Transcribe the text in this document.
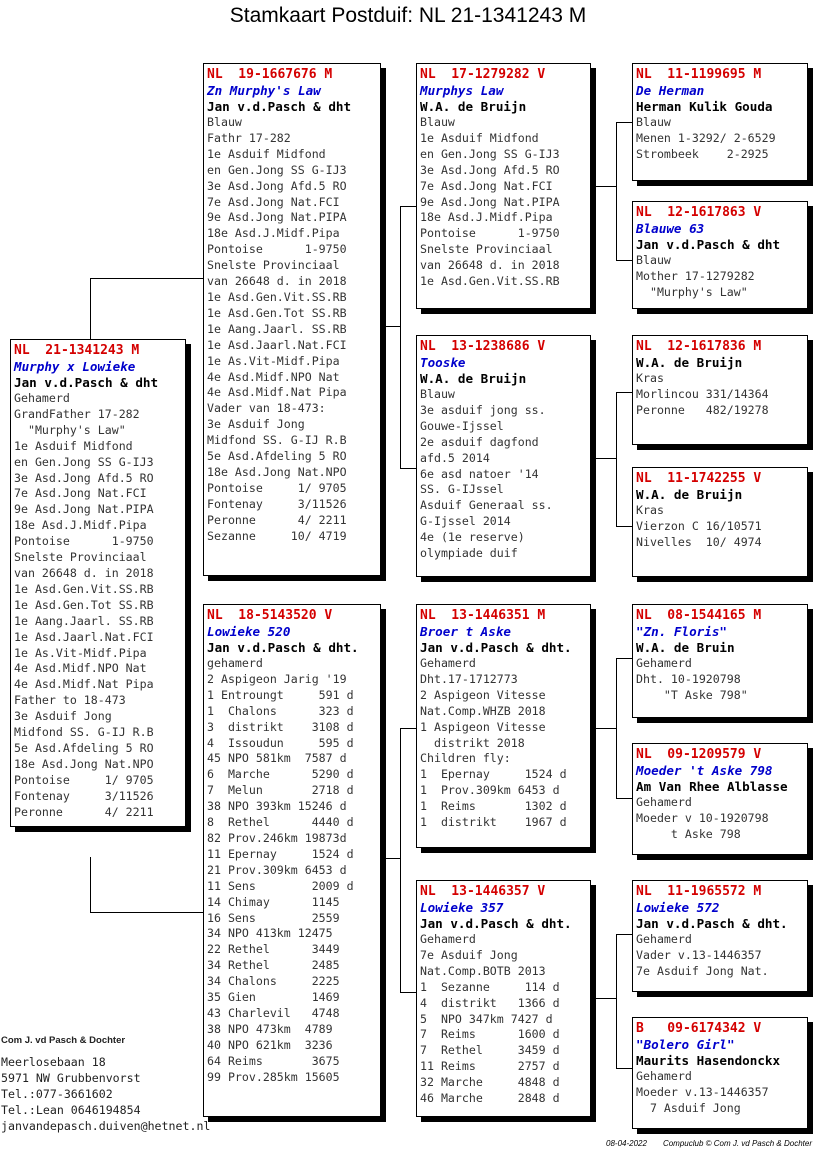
Stamkaart Postduif: NL 21-1341243 M
NL  21-1341243 M
Murphy x Lowieke
Jan v.d.Pasch & dht
Gehamerd
GrandFather 17-282
"Murphy's Law"
1e Asduif Midfond
en Gen.Jong SS G-IJ3
3e Asd.Jong Afd.5 RO
7e Asd.Jong Nat.FCI
9e Asd.Jong Nat.PIPA
18e Asd.J.Midf.Pipa
Pontoise      1-9750
Snelste Provinciaal
van 26648 d. in 2018
1e Asd.Gen.Vit.SS.RB
1e Asd.Gen.Tot SS.RB
1e Aang.Jaarl. SS.RB
1e Asd.Jaarl.Nat.FCI
1e As.Vit-Midf.Pipa
4e Asd.Midf.NPO Nat
4e Asd.Midf.Nat Pipa
Father to 18-473
3e Asduif Jong
Midfond SS. G-IJ R.B
5e Asd.Afdeling 5 RO
18e Asd.Jong Nat.NPO
Pontoise     1/ 9705
Fontenay     3/11526
Peronne      4/ 2211
NL  19-1667676 M
Zn Murphy's Law
Jan v.d.Pasch & dht
Blauw
Fathr 17-282
1e Asduif Midfond
en Gen.Jong SS G-IJ3
3e Asd.Jong Afd.5 RO
7e Asd.Jong Nat.FCI
9e Asd.Jong Nat.PIPA
18e Asd.J.Midf.Pipa
Pontoise      1-9750
Snelste Provinciaal
van 26648 d. in 2018
1e Asd.Gen.Vit.SS.RB
1e Asd.Gen.Tot SS.RB
1e Aang.Jaarl. SS.RB
1e Asd.Jaarl.Nat.FCI
1e As.Vit-Midf.Pipa
4e Asd.Midf.NPO Nat
4e Asd.Midf.Nat Pipa
Vader van 18-473:
3e Asduif Jong
Midfond SS. G-IJ R.B
5e Asd.Afdeling 5 RO
18e Asd.Jong Nat.NPO
Pontoise     1/ 9705
Fontenay     3/11526
Peronne      4/ 2211
Sezanne     10/ 4719
NL  18-5143520 V
Lowieke 520
Jan v.d.Pasch & dht.
gehamerd
2 Aspigeon Jarig '19
1 Entroungt     591 d
1  Chalons      323 d
3  distrikt    3108 d
4  Issoudun     595 d
45 NPO 581km  7587 d
6  Marche      5290 d
7  Melun       2718 d
38 NPO 393km 15246 d
8  Rethel      4440 d
82 Prov.246km 19873d
11 Epernay     1524 d
21 Prov.309km 6453 d
11 Sens        2009 d
14 Chimay      1145
16 Sens        2559
34 NPO 413km 12475
22 Rethel      3449
34 Rethel      2485
34 Chalons     2225
35 Gien        1469
43 Charlevil   4748
38 NPO 473km  4789
40 NPO 621km  3236
64 Reims       3675
99 Prov.285km 15605
NL  17-1279282 V
Murphys Law
W.A. de Bruijn
Blauw
1e Asduif Midfond
en Gen.Jong SS G-IJ3
3e Asd.Jong Afd.5 RO
7e Asd.Jong Nat.FCI
9e Asd.Jong Nat.PIPA
18e Asd.J.Midf.Pipa
Pontoise      1-9750
Snelste Provinciaal
van 26648 d. in 2018
1e Asd.Gen.Vit.SS.RB
NL  13-1238686 V
Tooske
W.A. de Bruijn
Blauw
3e asduif jong ss.
Gouwe-Ijssel
2e asduif dagfond
afd.5 2014
6e asd natoer '14
SS. G-IJssel
Asduif Generaal ss.
G-Ijssel 2014
4e (1e reserve)
olympiade duif
NL  13-1446351 M
Broer t Aske
Jan v.d.Pasch & dht.
Gehamerd
Dht.17-1712773
2 Aspigeon Vitesse
Nat.Comp.WHZB 2018
1 Aspigeon Vitesse
distrikt 2018
Children fly:
1  Epernay     1524 d
1  Prov.309km 6453 d
1  Reims       1302 d
1  distrikt    1967 d
NL  13-1446357 V
Lowieke 357
Jan v.d.Pasch & dht.
Gehamerd
7e Asduif Jong
Nat.Comp.BOTB 2013
1  Sezanne     114 d
4  distrikt   1366 d
5  NPO 347km 7427 d
7  Reims      1600 d
7  Rethel     3459 d
11 Reims      2757 d
32 Marche     4848 d
46 Marche     2848 d
NL  11-1199695 M
De Herman
Herman Kulik Gouda
Blauw
Menen 1-3292/ 2-6529
Strombeek    2-2925
NL  12-1617863 V
Blauwe 63
Jan v.d.Pasch & dht
Blauw
Mother 17-1279282
"Murphy's Law"
NL  12-1617836 M
W.A. de Bruijn
Kras
Morlincou 331/14364
Peronne   482/19278
NL  11-1742255 V
W.A. de Bruijn
Kras
Vierzon C 16/10571
Nivelles  10/ 4974
NL  08-1544165 M
"Zn. Floris"
W.A. de Bruin
Gehamerd
Dht. 10-1920798
"T Aske 798"
NL  09-1209579 V
Moeder 't Aske 798
Am Van Rhee Alblasse
Gehamerd
Moeder v 10-1920798
t Aske 798
NL  11-1965572 M
Lowieke 572
Jan v.d.Pasch & dht.
Gehamerd
Vader v.13-1446357
7e Asduif Jong Nat.
B   09-6174342 V
"Bolero Girl"
Maurits Hasendonckx
Gehamerd
Moeder v.13-1446357
7 Asduif Jong
Com J. vd Pasch & Dochter
Meerlosebaan 18
5971 NW Grubbenvorst
Tel.:077-3661602
Tel.:Lean 0646194854
janvandepasch.duiven@hetnet.nl
08-04-2022 Compuclub © Com J. vd Pasch & Dochter
